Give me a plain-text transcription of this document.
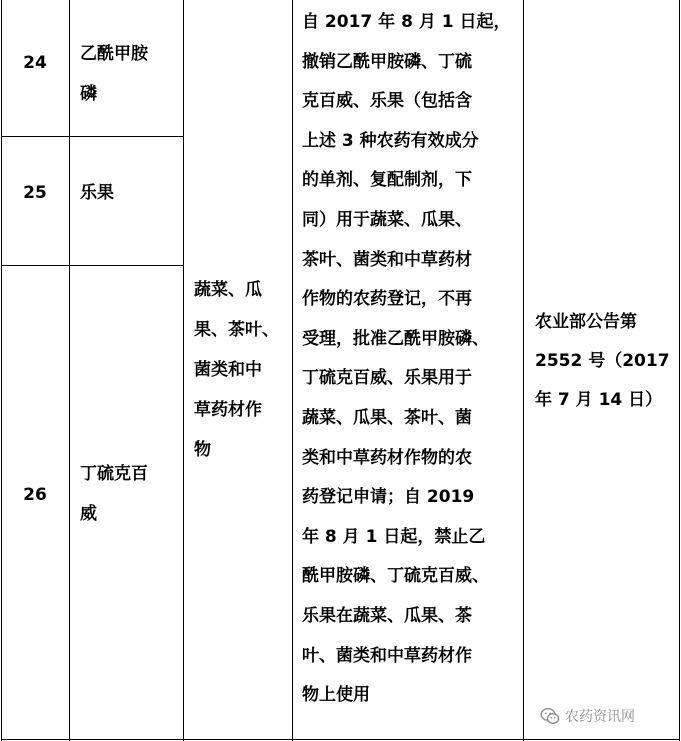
24	乙酰甲胺
磷
25	乐果
26
丁硫克百
威
蔬菜、瓜
果、茶叶、
菌类和中
草药材作
物
自 2017 年 8 月 1 日起，
撤销乙酰甲胺磷、丁硫
克百威、乐果（包括含
上述 3 种农药有效成分
的单剂、复配制剂，下
同）用于蔬菜、瓜果、
茶叶、菌类和中草药材
作物的农药登记，不再
受理，批准乙酰甲胺磷、
丁硫克百威、乐果用于
蔬菜、瓜果、茶叶、菌
类和中草药材作物的农
药登记申请；自 2019
年 8 月 1 日起，禁止乙
酰甲胺磷、丁硫克百威、
乐果在蔬菜、瓜果、茶
叶、菌类和中草药材作
物上使用
农业部公告第
2552 号（2017
年 7 月 14 日）
农药资讯网
